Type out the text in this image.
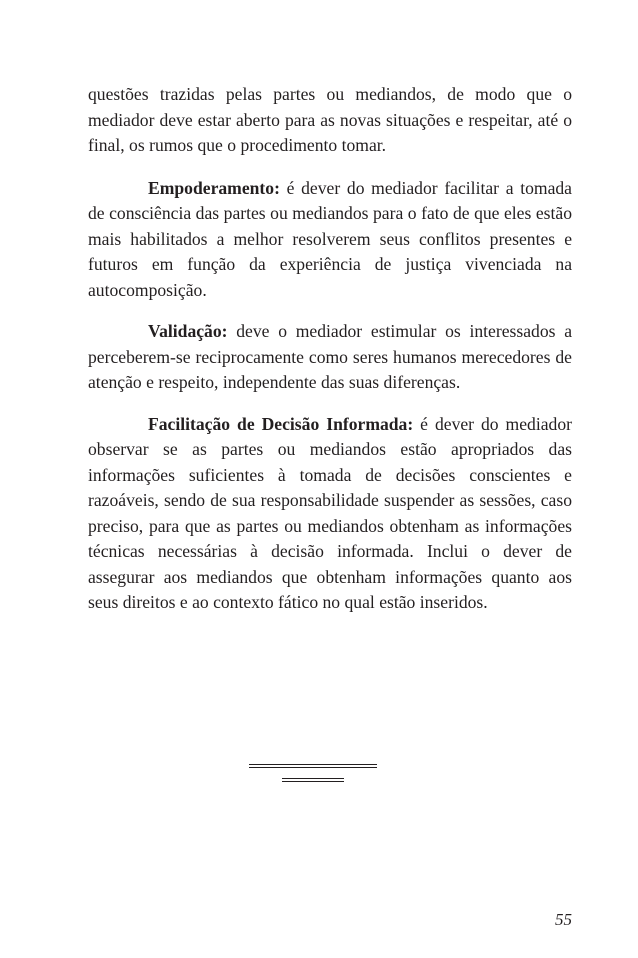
questões trazidas pelas partes ou mediandos, de modo que o mediador deve estar aberto para as novas situações e respeitar, até o final, os rumos que o procedimento tomar.

Empoderamento: é dever do mediador facilitar a tomada de consciência das partes ou mediandos para o fato de que eles estão mais habilitados a melhor resolverem seus conflitos presentes e futuros em função da experiência de justiça vivenciada na autocomposição.

Validação: deve o mediador estimular os interessados a perceberem-se reciprocamente como seres humanos merecedores de atenção e respeito, independente das suas diferenças.

Facilitação de Decisão Informada: é dever do mediador observar se as partes ou mediandos estão apropriados das informações suficientes à tomada de decisões conscientes e razoáveis, sendo de sua responsabilidade suspender as sessões, caso preciso, para que as partes ou mediandos obtenham as informações técnicas necessárias à decisão informada. Inclui o dever de assegurar aos mediandos que obtenham informações quanto aos seus direitos e ao contexto fático no qual estão inseridos.

55
